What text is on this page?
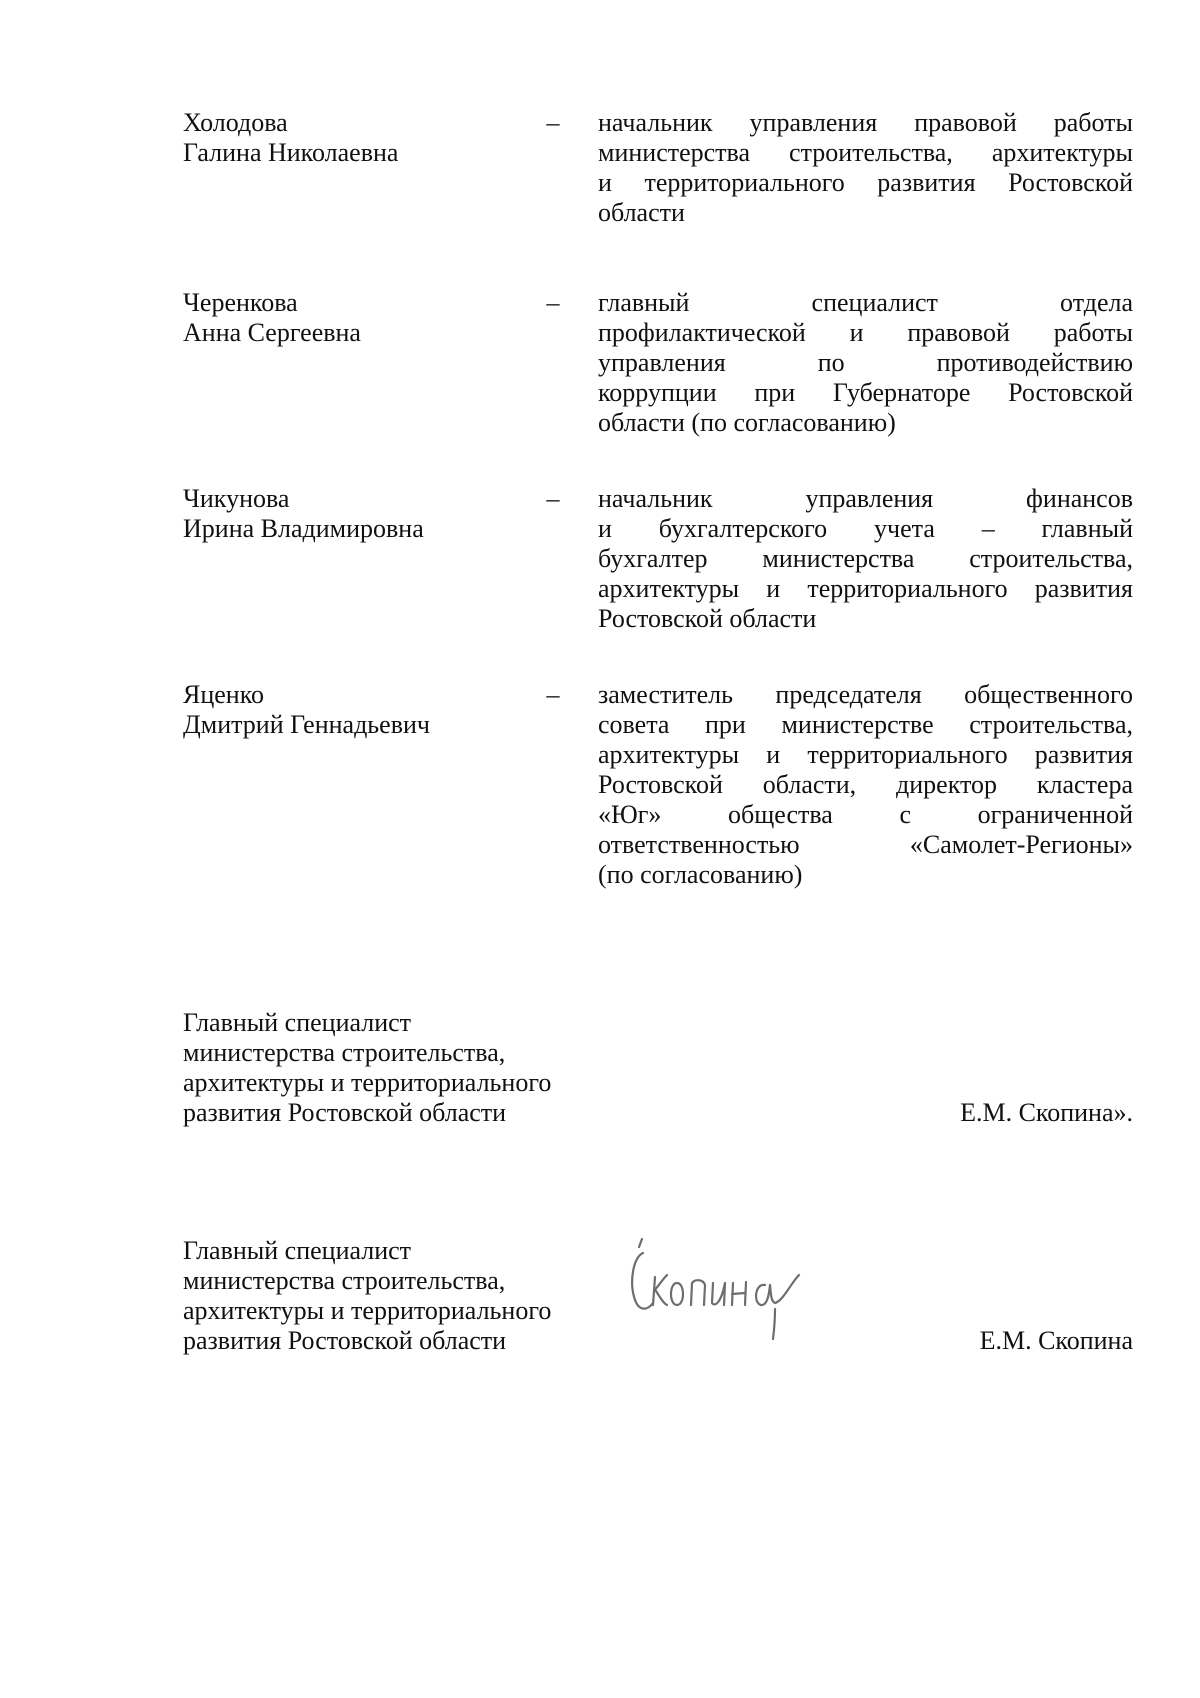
Холодова
Галина Николаевна
–	начальник управления правовой работы
министерства строительства, архитектуры
и территориального развития Ростовской
области
Черенкова
Анна Сергеевна
–	главный специалист отдела
профилактической и правовой работы
управления по противодействию
коррупции при Губернаторе Ростовской
области (по согласованию)
Чикунова
Ирина Владимировна
–	начальник управления финансов
и бухгалтерского учета – главный
бухгалтер министерства строительства,
архитектуры и территориального развития
Ростовской области
Яценко
Дмитрий Геннадьевич
–	заместитель председателя общественного
совета при министерстве строительства,
архитектуры и территориального развития
Ростовской области, директор кластера
«Юг» общества с ограниченной
ответственностью «Самолет-Регионы»
(по согласованию)
Главный специалист
министерства строительства,
архитектуры и территориального
развития Ростовской области	Е.М. Скопина».
Главный специалист
министерства строительства,
архитектуры и территориального
развития Ростовской области	Е.М. Скопина
